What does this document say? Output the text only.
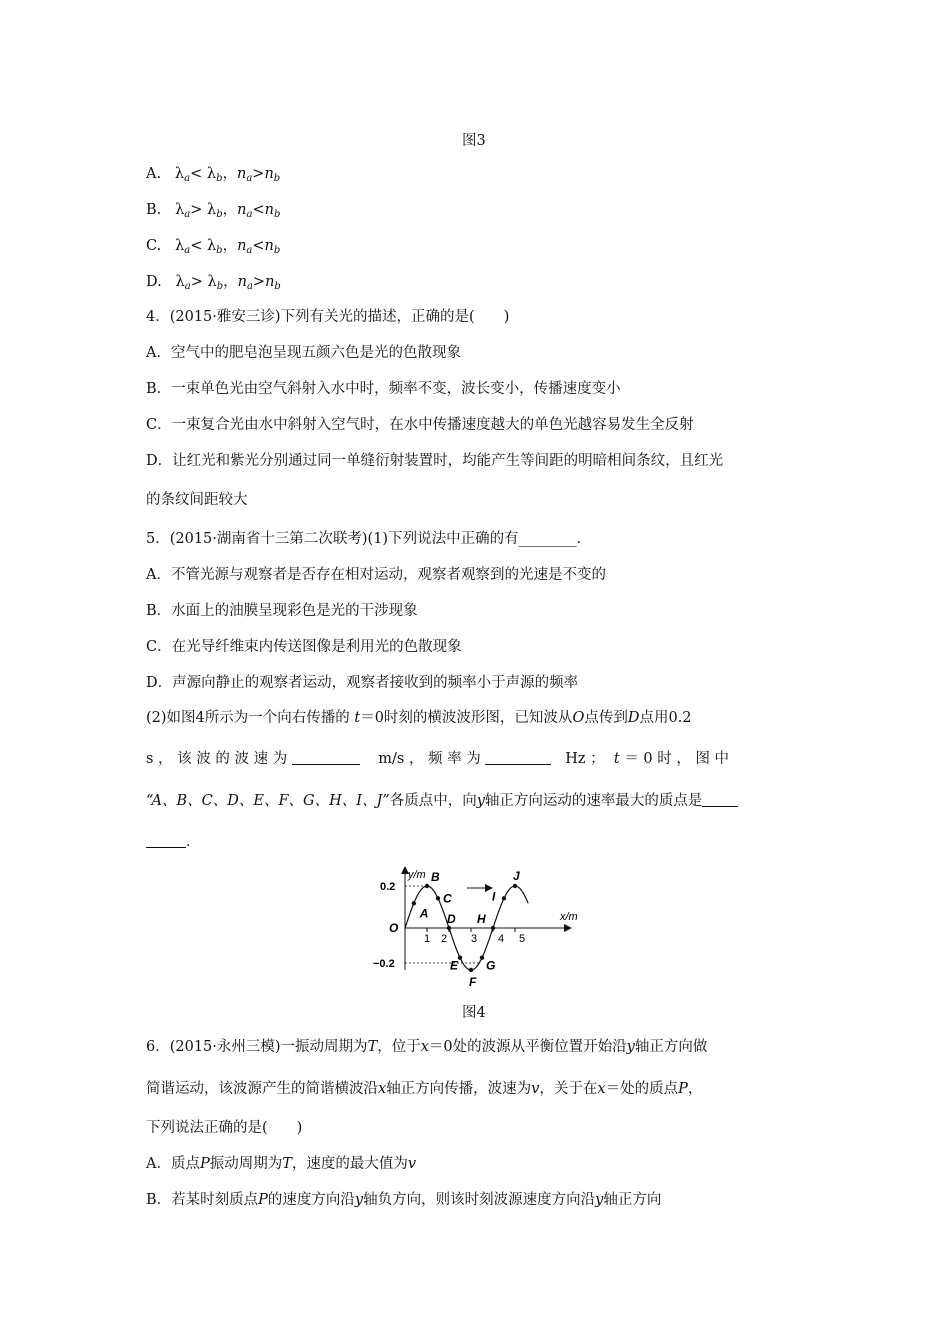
图3
A. $\lambda_a< \lambda_b$，$n_a>n_b$
B. $\lambda_a> \lambda_b$，$n_a<n_b$
C. $\lambda_a< \lambda_b$，$n_a<n_b$
D. $\lambda_a> \lambda_b$，$n_a>n_b$
4．(2015·雅安三诊)下列有关光的描述，正确的是(　　)
A．空气中的肥皂泡呈现五颜六色是光的色散现象
B．一束单色光由空气斜射入水中时，频率不变，波长变小，传播速度变小
C．一束复合光由水中斜射入空气时，在水中传播速度越大的单色光越容易发生全反射
D．让红光和紫光分别通过同一单缝衍射装置时，均能产生等间距的明暗相间条纹，且红光
的条纹间距较大
5．(2015·湖南省十三第二次联考)(1)下列说法中正确的有________．
A．不管光源与观察者是否存在相对运动，观察者观察到的光速是不变的
B．水面上的油膜呈现彩色是光的干涉现象
C．在光导纤维束内传送图像是利用光的色散现象
D．声源向静止的观察者运动，观察者接收到的频率小于声源的频率
(2)如图4所示为一个向右传播的 t＝0时刻的横波波形图，已知波从O点传到D点用0.2
s ， 该 波 的 波 速 为	m/s ， 频 率 为	Hz ； t ＝ 0 时 ， 图 中
“A、B、C、D、E、F、G、H、I、J”各质点中，向y轴正方向运动的速率最大的质点是
．
y/m
x/m
O
0.2
−0.2
1 2 3 4 5
A
B
C
D
E
F
G
H
I
J
图4
6．(2015·永州三模)一振动周期为T，位于x＝0处的波源从平衡位置开始沿y轴正方向做
简谐运动，该波源产生的简谐横波沿x轴正方向传播，波速为v，关于在x＝处的质点P，
下列说法正确的是(　　)
A．质点P振动周期为T，速度的最大值为v
B．若某时刻质点P的速度方向沿y轴负方向，则该时刻波源速度方向沿y轴正方向
